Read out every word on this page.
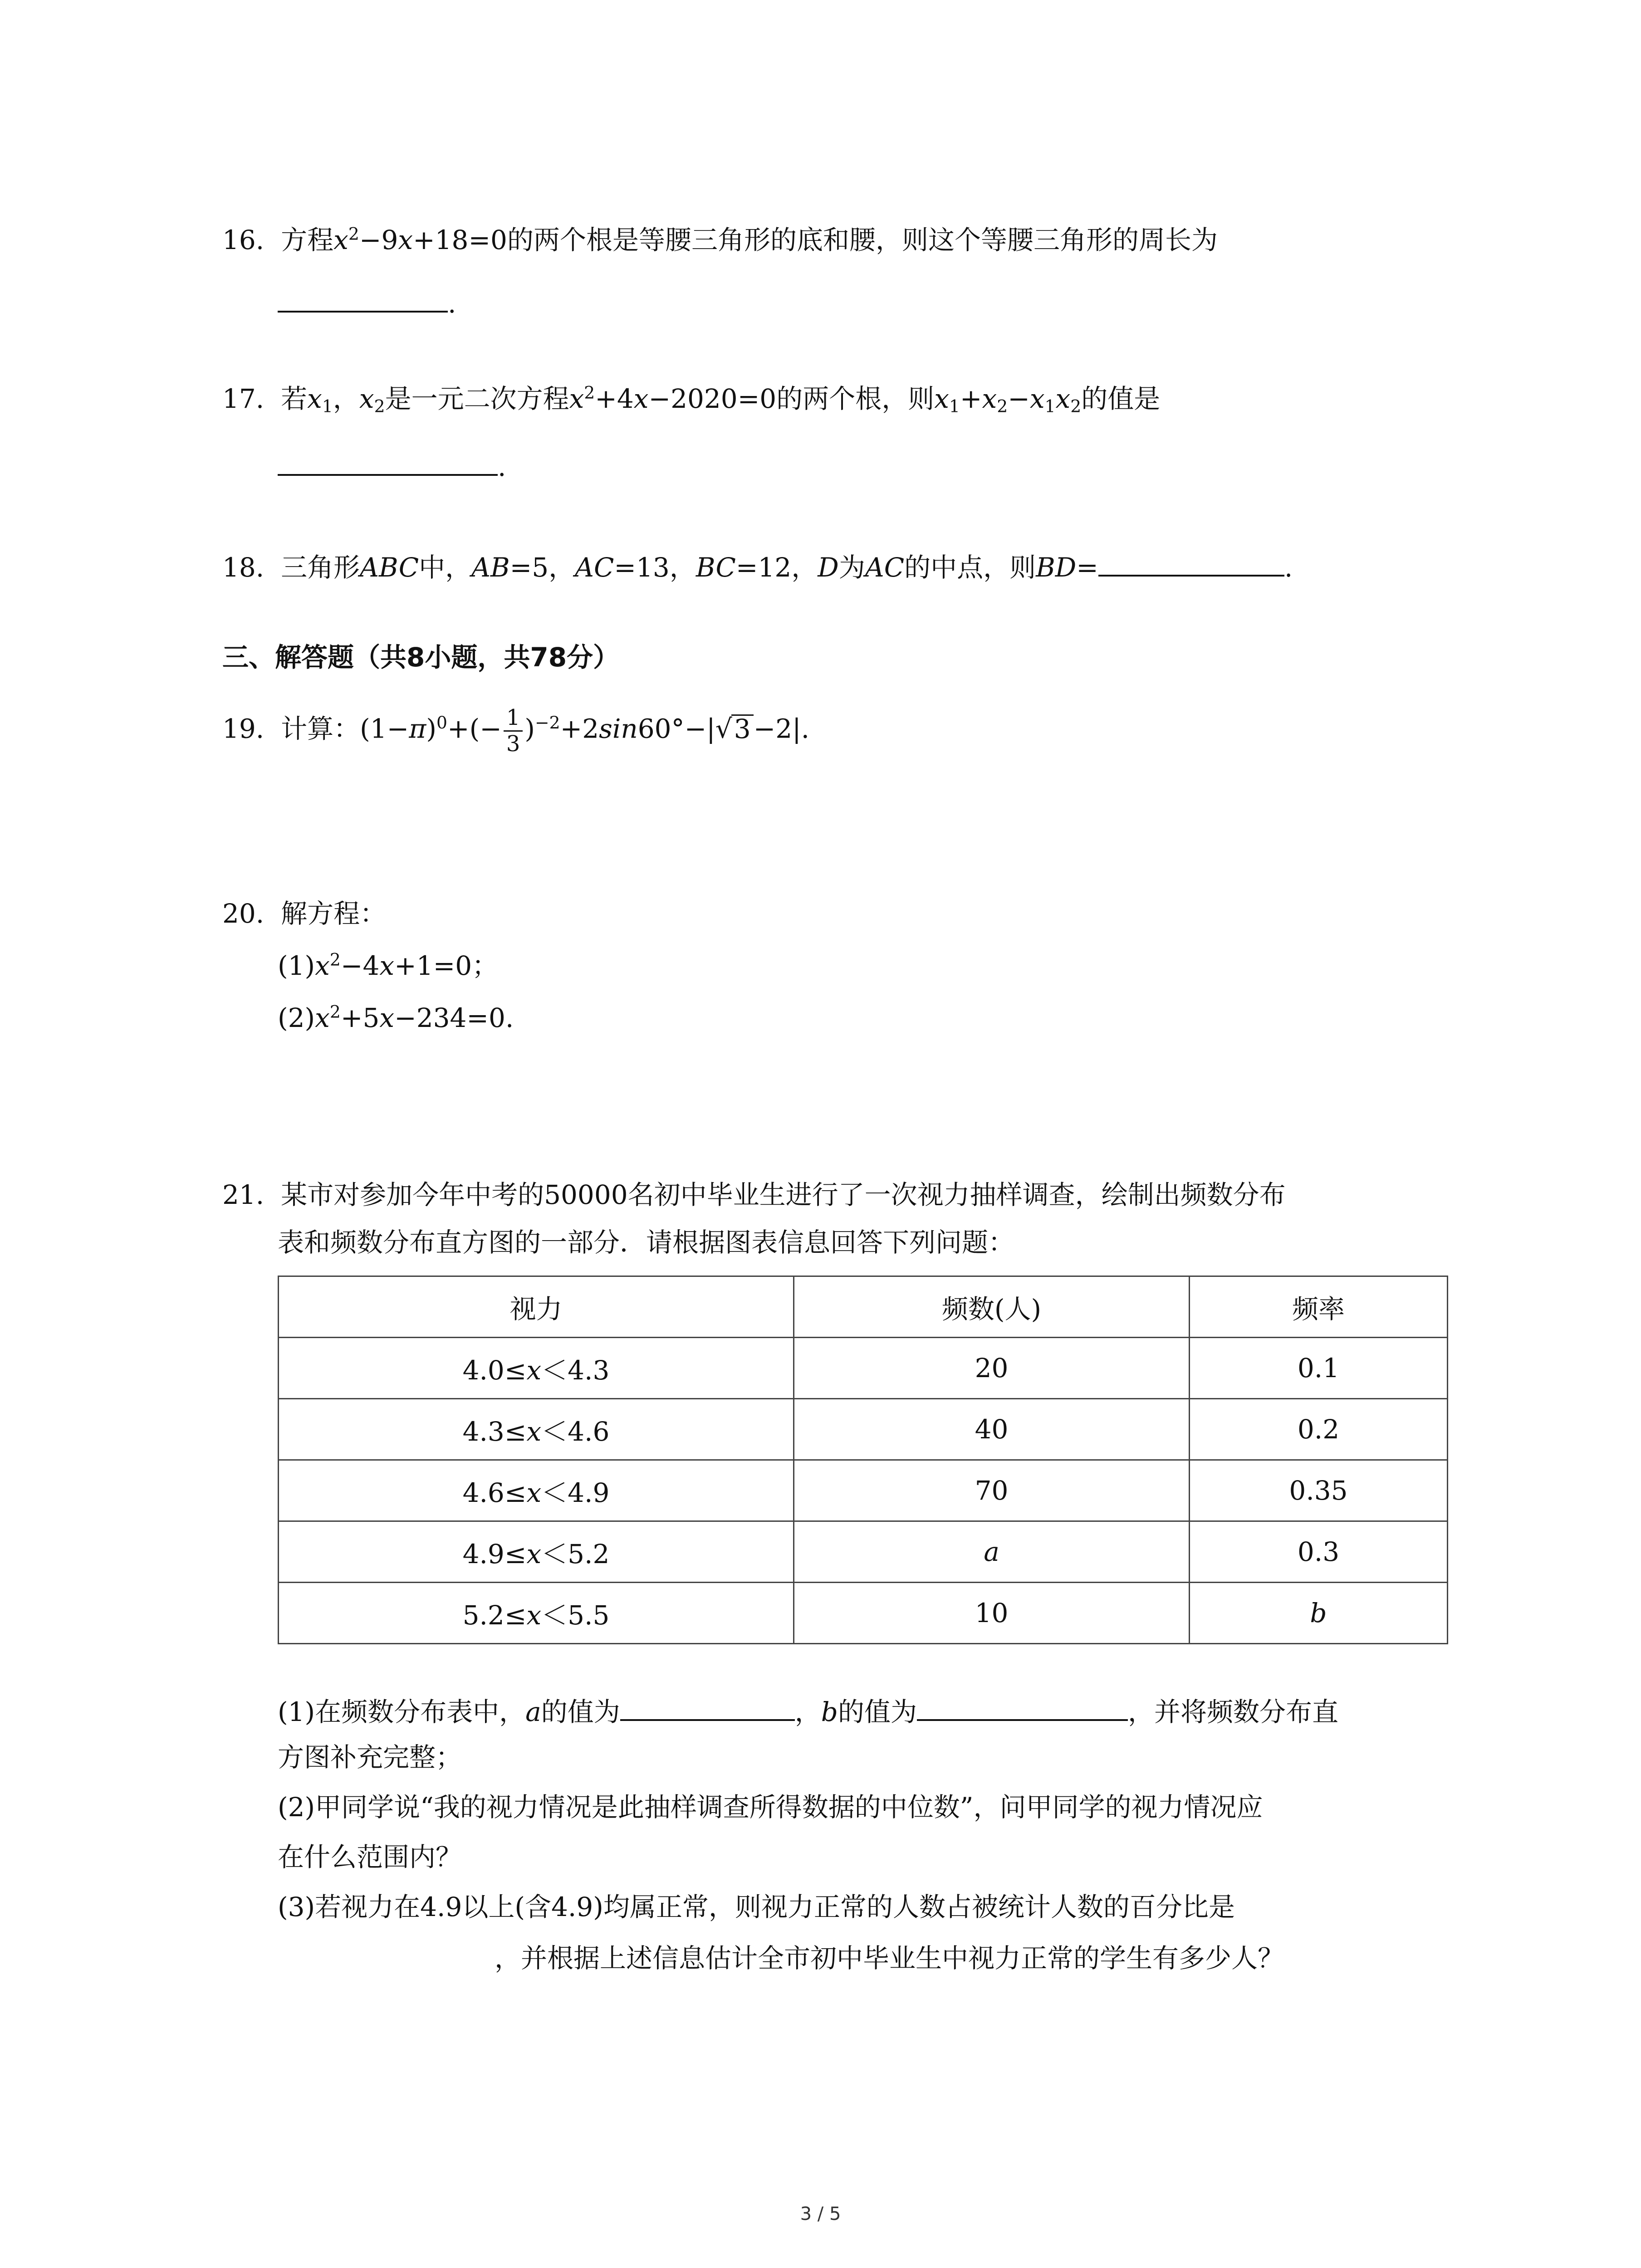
16. 方程$x^2-9x+18=0$的两个根是等腰三角形的底和腰，则这个等腰三角形的周长为
.
17. 若$x_1$，$x_2$是一元二次方程$x^2+4x-2020=0$的两个根，则$x_1+x_2-x_1x_2$的值是
.
18. 三角形ABC中，AB=5，AC=13，BC=12，D为AC的中点，则BD=	.
三、解答题（共8小题，共78分）
19. 计算：$(1-\pi)^0+(- \frac{1}{3} )^{-2}+2\sin 60^\circ-|√3 -2|$.
20. 解方程：
$(1)x^2-4x+1=0$；
$(2)x^2+5x-234=0$.
21. 某市对参加今年中考的50000名初中毕业生进行了一次视力抽样调查，绘制出频数分布
表和频数分布直方图的一部分．请根据图表信息回答下列问题：
视力	频数(人)	频率
4.0≤x＜4.3	20	0.1
4.3≤x＜4.6	40	0.2
4.6≤x＜4.9	70	0.35
4.9≤x＜5.2	a	0.3
5.2≤x＜5.5	10	b
(1)在频数分布表中，a的值为	，b的值为	，并将频数分布直
方图补充完整；
(2)甲同学说“我的视力情况是此抽样调查所得数据的中位数”，问甲同学的视力情况应
在什么范围内？
(3)若视力在4.9以上(含4.9)均属正常，则视力正常的人数占被统计人数的百分比是
，并根据上述信息估计全市初中毕业生中视力正常的学生有多少人？
3 / 5
